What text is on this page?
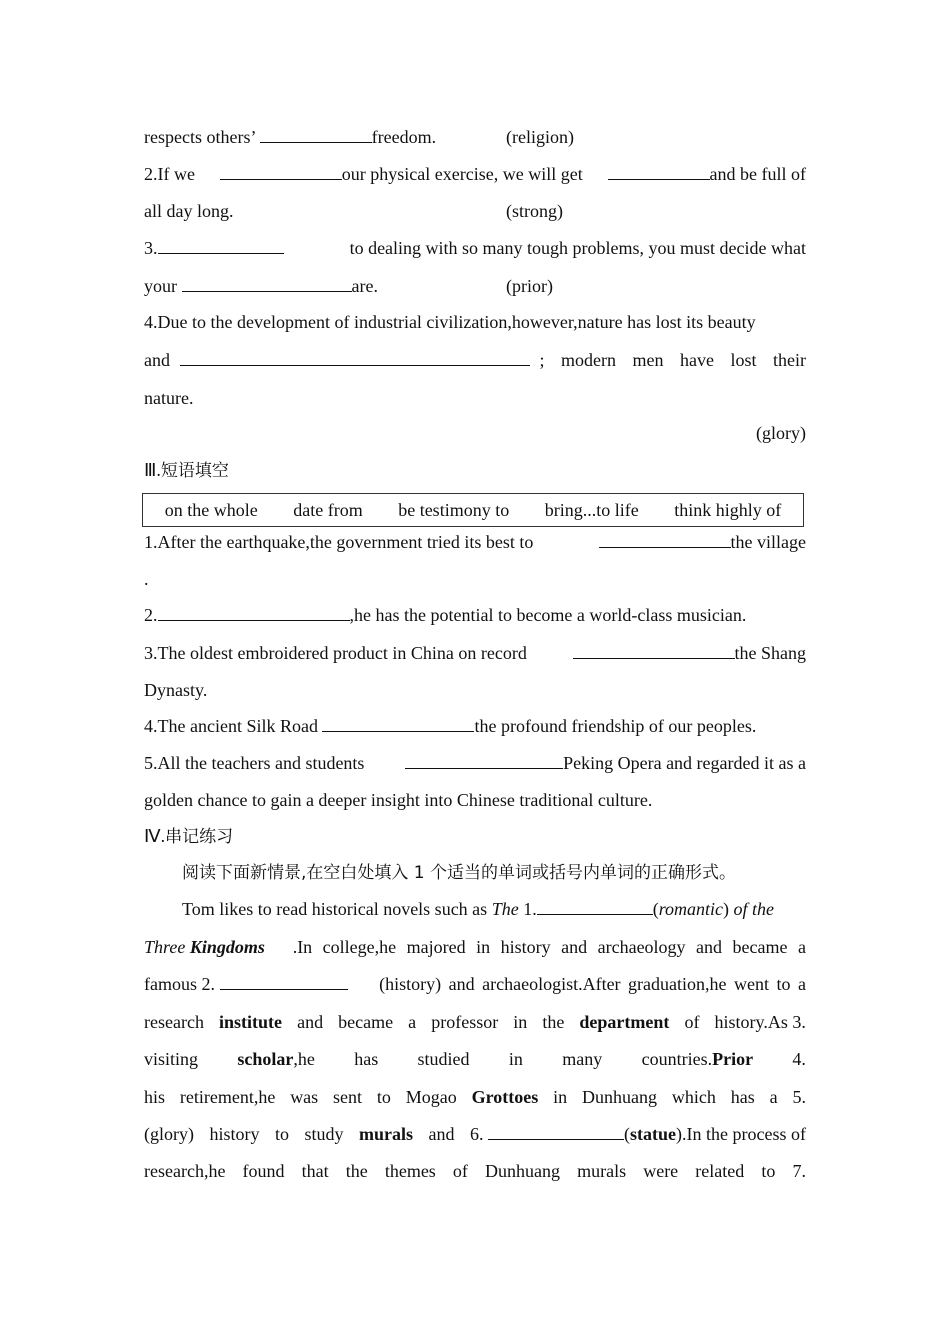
respects others’	freedom.	(religion)
2.If we	our physical exercise, we will get	and be full of
all day long.	(strong)
3.	to dealing with so many tough problems, you must decide what
your	are.	(prior)
4.Due to the development of industrial civilization,however,nature has lost its beauty
and	; modern men have lost their
nature.
(glory)
Ⅲ.短语填空
on the whole date from be testimony to bring...to life think highly of
1.After the earthquake,the government tried its best to	the village
.
2.	,he has the potential to become a world-class musician.
3.The oldest embroidered product in China on record	the Shang
Dynasty.
4.The ancient Silk Road	the profound friendship of our peoples.
5.All the teachers and students	Peking Opera and regarded it as a
golden chance to gain a deeper insight into Chinese traditional culture.
Ⅳ.串记练习
阅读下面新情景,在空白处填入 1 个适当的单词或括号内单词的正确形式。
Tom likes to read historical novels such as The 1.	(romantic) of the
Three Kingdoms .In college,he majored in history and archaeology and became a
famous 2.	(history) and archaeologist.After graduation,he went to a
research institute and became a professor in the department of history.As 3.
visiting scholar,he has studied in many countries.Prior 4.
his retirement,he was sent to Mogao Grottoes in Dunhuang which has a 5.
(glory) history to study murals and 6.	(statue).In the process of
research,he found that the themes of Dunhuang murals were related to 7.
